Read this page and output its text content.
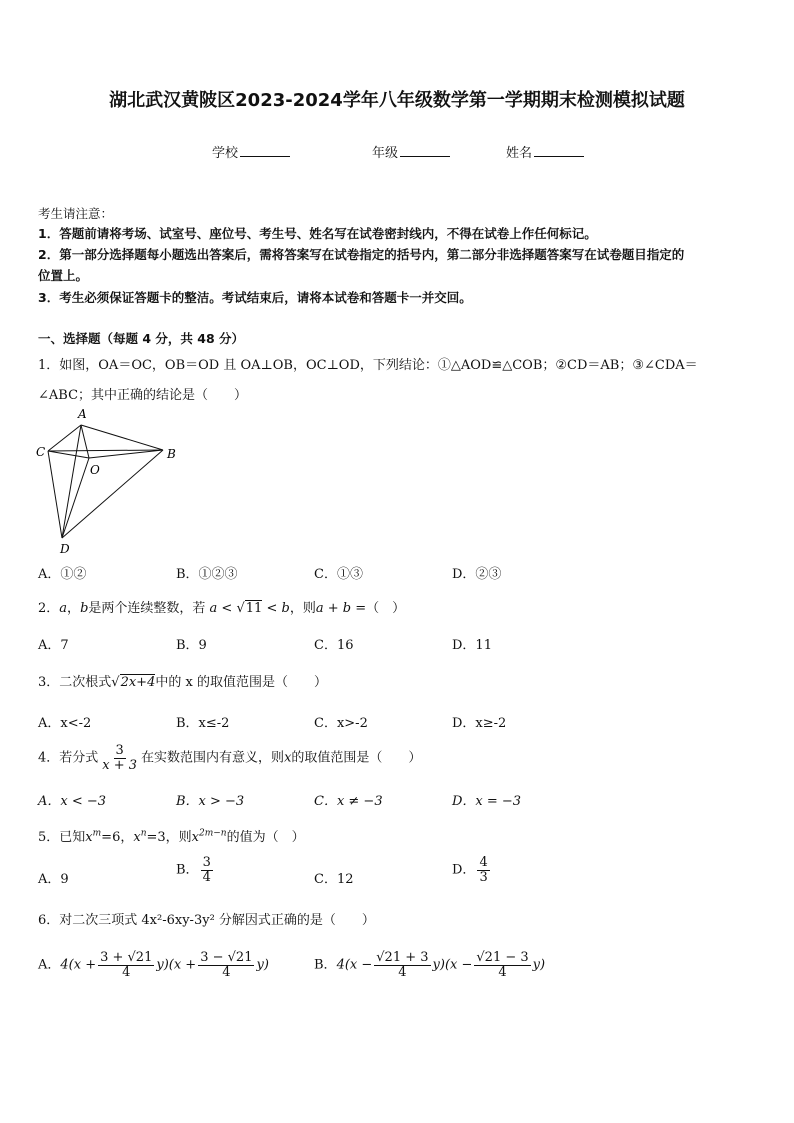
湖北武汉黄陂区2023-2024学年八年级数学第一学期期末检测模拟试题
学校	年级	姓名
考生请注意：
1．答题前请将考场、试室号、座位号、考生号、姓名写在试卷密封线内，不得在试卷上作任何标记。
2．第一部分选择题每小题选出答案后，需将答案写在试卷指定的括号内，第二部分非选择题答案写在试卷题目指定的
位置上。
3．考生必须保证答题卡的整洁。考试结束后，请将本试卷和答题卡一并交回。
一、选择题（每题 4 分，共 48 分）
1．如图，OA＝OC，OB＝OD 且 OA⊥OB，OC⊥OD，下列结论：①△AOD≌△COB；②CD＝AB；③∠CDA＝
∠ABC；其中正确的结论是（　　）
A
C	B
O
D
A．①②	B．①②③	C．①③	D．②③
2．a，b是两个连续整数，若 a < √11 < b，则a + b =（　）
A．7	B．9	C．16	D．11
3．二次根式√2x+4中的 x 的取值范围是（　　）
A．x<-2	B．x≤-2	C．x>-2	D．x≥-2
4．若分式 $\frac{3}{x + 3}$ 在实数范围内有意义，则x的取值范围是（　　）
A．x < −3	B．x > −3	C．x ≠ −3	D．x = −3
5．已知$x^m=6$，$x^n=3$，则$x^{2m-n}$的值为（　）
A．9
B． $\frac{3}{4}$	C．12
D． $\frac{4}{3}$
6．对二次三项式 4x²-6xy-3y² 分解因式正确的是（　　）
A．$4(x + \frac{3 + √21}{4} y)(x + \frac{3 - √21}{4} y)$	B．$4(x - \frac{√21 + 3}{4} y)(x - \frac{√21 - 3}{4} y)$
